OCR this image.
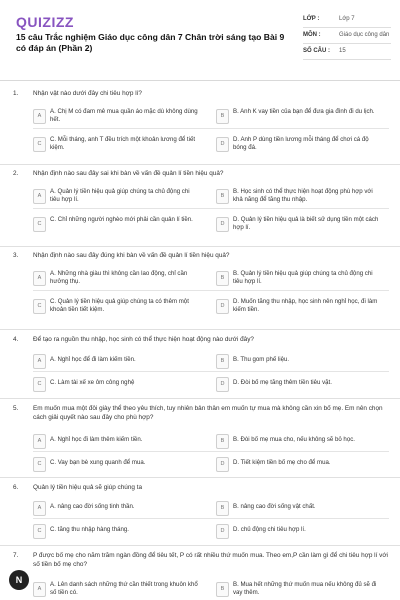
QUIZIZZ
15 câu Trắc nghiệm Giáo dục công dân 7 Chân trời sáng tạo Bài 9 có đáp án (Phần 2)
LỚP :	Lớp 7
MÔN :	Giáo dục công dân
SỐ CÂU : 15
1. Nhận vật nào dưới đây chi tiêu hợp lí?
A
A. Chị M có đam mê mua quần áo mặc dù không dùng hết.	B
B. Anh K vay tiền của bạn để đưa gia đình đi du lịch.
C
C. Mỗi tháng, anh T đều trích một khoản lương để tiết kiệm.	D
D. Anh P dùng tiền lương mỗi tháng để chơi cá độ bóng đá.
2. Nhận định nào sau đây sai khi bàn về vấn đề quản lí tiền hiệu quả?
A
A. Quản lý tiền hiệu quả giúp chúng ta chủ động chi tiêu hợp lí.	B
B. Học sinh có thể thực hiện hoạt động phù hợp với khả năng để tăng thu nhập.
C
C. Chỉ những người nghèo mới phải cần quản lí tiền.
D
D. Quản lý tiền hiệu quả là biết sử dụng tiền một cách hợp lí.
3. Nhận định nào sau đây đúng khi bàn về vấn đề quản lí tiền hiệu quả?
A
A. Những nhà giàu thì không cần lao động, chỉ cần hưởng thụ.	B
B. Quản lý tiền hiệu quả giúp chúng ta chủ động chi tiêu hợp lí.
C
C. Quản lý tiền hiệu quả giúp chúng ta có thêm một khoản tiền tiết kiệm.	D
D. Muốn tăng thu nhập, học sinh nên nghỉ học, đi làm kiếm tiền.
4. Để tạo ra nguồn thu nhập, học sinh có thể thực hiện hoạt động nào dưới đây?
A	A. Nghỉ học để đi làm kiếm tiền.	B	B. Thu gom phế liệu.
C	C. Làm tài xế xe ôm công nghệ	D	D. Đòi bố mẹ tăng thêm tiền tiêu vặt.
5. Em muốn mua một đôi giày thể theo yêu thích, tuy nhiên bản thân em muốn tự mua mà không cần xin bố mẹ. Em nên chọn cách giải quyết nào sau đây cho phù hợp?
A	A. Nghỉ học đi làm thêm kiếm tiền.	B	B. Đòi bố mẹ mua cho, nếu không sẽ bỏ học.
C	C. Vay bạn bè xung quanh để mua.	D	D. Tiết kiệm tiền bố mẹ cho để mua.
6. Quản lý tiền hiệu quả sẽ giúp chúng ta
A	A. nâng cao đời sống tinh thần.	B	B. nâng cao đời sống vật chất.
C	C. tăng thu nhập hàng tháng.	D	D. chủ động chi tiêu hợp lí.
7. P được bố mẹ cho năm trăm ngàn đồng để tiêu tết, P có rất nhiều thứ muốn mua. Theo em,P cần làm gì để chi tiêu hợp lí với số tiền bố mẹ cho?
A
A. Lên danh sách những thứ cần thiết trong khuôn khổ số tiền có.	B
B. Mua hết những thứ muốn mua nếu không đủ sẽ đi vay thêm.
N
